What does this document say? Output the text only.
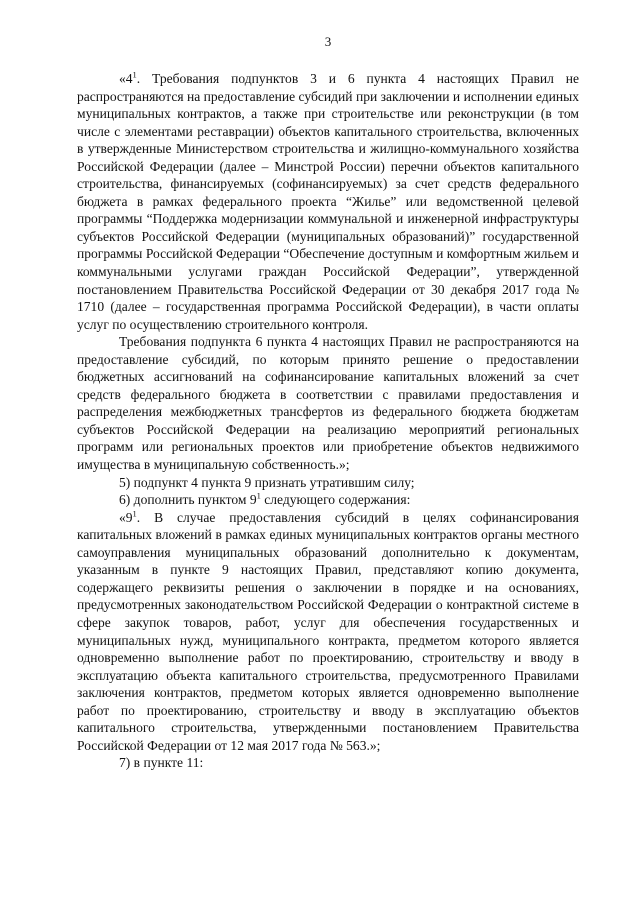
3

«$4^1$. Требования подпунктов 3 и 6 пункта 4 настоящих Правил не распространяются на предоставление субсидий при заключении и исполнении единых муниципальных контрактов, а также при строительстве или реконструкции (в том числе с элементами реставрации) объектов капитального строительства, включенных в утвержденные Министерством строительства и жилищно-коммунального хозяйства Российской Федерации (далее – Минстрой России) перечни объектов капитального строительства, финансируемых (софинансируемых) за счет средств федерального бюджета в рамках федерального проекта “Жилье” или ведомственной целевой программы “Поддержка модернизации коммунальной и инженерной инфраструктуры субъектов Российской Федерации (муниципальных образований)” государственной программы Российской Федерации “Обеспечение доступным и комфортным жильем и коммунальными услугами граждан Российской Федерации”, утвержденной постановлением Правительства Российской Федерации от 30 декабря 2017 года № 1710 (далее – государственная программа Российской Федерации), в части оплаты услуг по осуществлению строительного контроля.

Требования подпункта 6 пункта 4 настоящих Правил не распространяются на предоставление субсидий, по которым принято решение о предоставлении бюджетных ассигнований на софинансирование капитальных вложений за счет средств федерального бюджета в соответствии с правилами предоставления и распределения межбюджетных трансфертов из федерального бюджета бюджетам субъектов Российской Федерации на реализацию мероприятий региональных программ или региональных проектов или приобретение объектов недвижимого имущества в муниципальную собственность.»;

5) подпункт 4 пункта 9 признать утратившим силу;

6) дополнить пунктом $9^1$ следующего содержания:

«$9^1$. В случае предоставления субсидий в целях софинансирования капитальных вложений в рамках единых муниципальных контрактов органы местного самоуправления муниципальных образований дополнительно к документам, указанным в пункте 9 настоящих Правил, представляют копию документа, содержащего реквизиты решения о заключении в порядке и на основаниях, предусмотренных законодательством Российской Федерации о контрактной системе в сфере закупок товаров, работ, услуг для обеспечения государственных и муниципальных нужд, муниципального контракта, предметом которого является одновременно выполнение работ по проектированию, строительству и вводу в эксплуатацию объекта капитального строительства, предусмотренного Правилами заключения контрактов, предметом которых является одновременно выполнение работ по проектированию, строительству и вводу в эксплуатацию объектов капитального строительства, утвержденными постановлением Правительства Российской Федерации от 12 мая 2017 года № 563.»;

7) в пункте 11:
